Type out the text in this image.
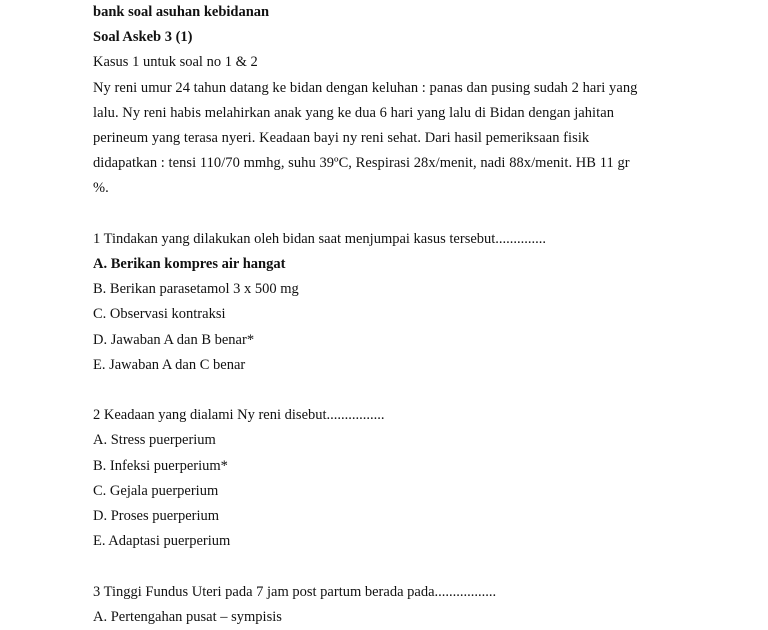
bank soal asuhan kebidanan
Soal Askeb 3 (1)
Kasus 1 untuk soal no 1 & 2
Ny reni umur 24 tahun datang ke bidan dengan keluhan : panas dan pusing sudah 2 hari yang
lalu. Ny reni habis melahirkan anak yang ke dua 6 hari yang lalu di Bidan dengan jahitan
perineum yang terasa nyeri. Keadaan bayi ny reni sehat. Dari hasil pemeriksaan fisik
didapatkan : tensi 110/70 mmhg, suhu 39ºC, Respirasi 28x/menit, nadi 88x/menit. HB 11 gr
%.
1 Tindakan yang dilakukan oleh bidan saat menjumpai kasus tersebut..............
A. Berikan kompres air hangat
B. Berikan parasetamol 3 x 500 mg
C. Observasi kontraksi
D. Jawaban A dan B benar*
E. Jawaban A dan C benar
2 Keadaan yang dialami Ny reni disebut................
A. Stress puerperium
B. Infeksi puerperium*
C. Gejala puerperium
D. Proses puerperium
E. Adaptasi puerperium
3 Tinggi Fundus Uteri pada 7 jam post partum berada pada.................
A. Pertengahan pusat – sympisis
